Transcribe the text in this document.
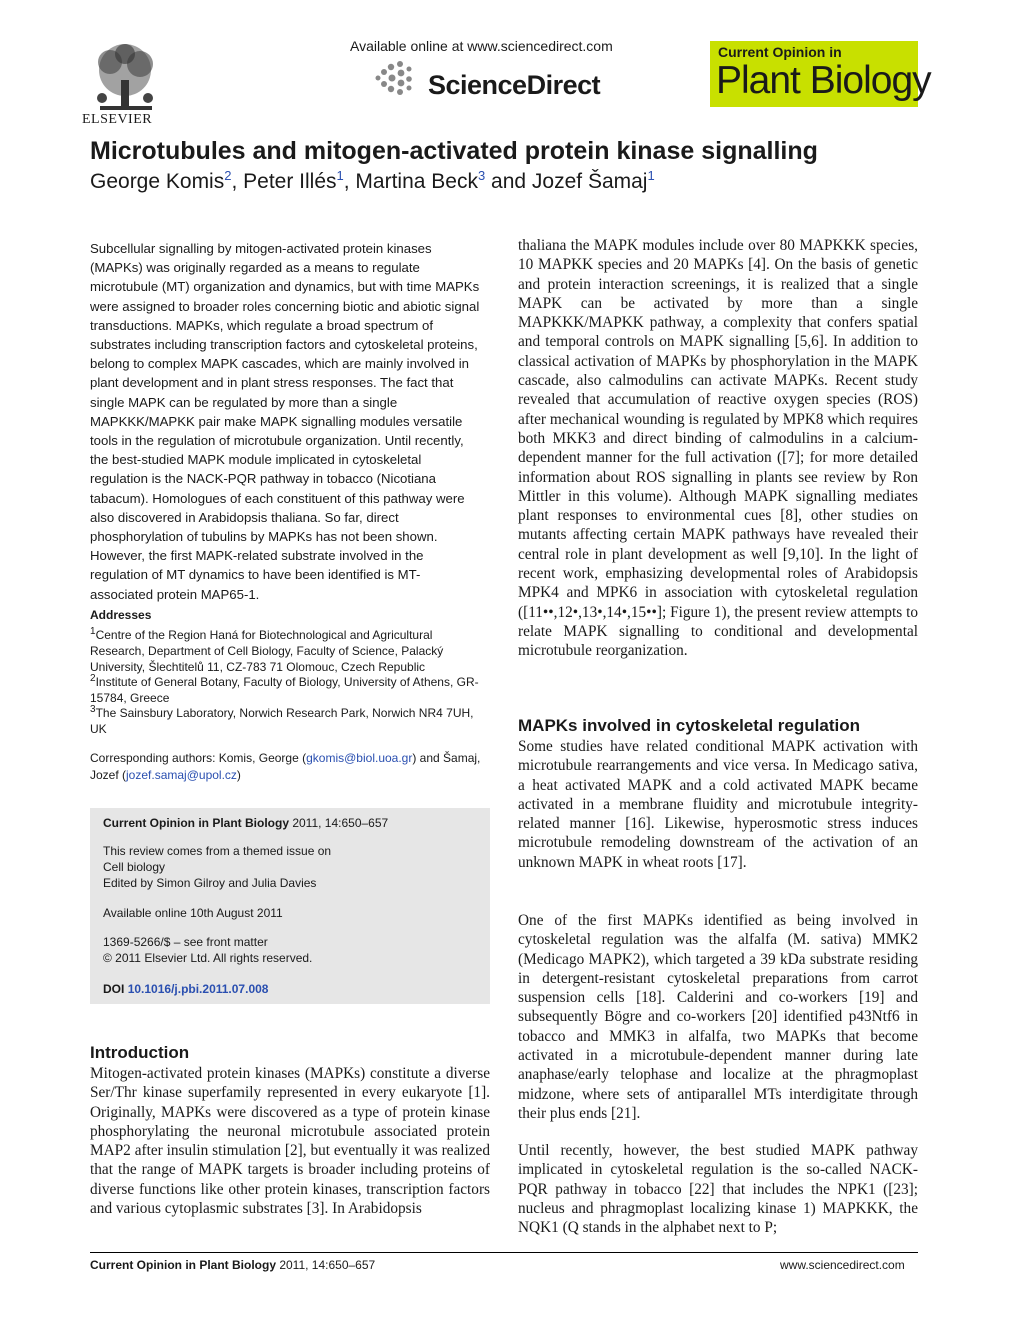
ELSEVIER
Available online at www.sciencedirect.com
ScienceDirect
Current Opinion in
Plant Biology
Microtubules and mitogen-activated protein kinase signalling
George Komis$^2$, Peter Illés$^1$, Martina Beck$^3$ and Jozef Šamaj$^1$
Subcellular signalling by mitogen-activated protein kinases (MAPKs) was originally regarded as a means to regulate microtubule (MT) organization and dynamics, but with time MAPKs were assigned to broader roles concerning biotic and abiotic signal transductions. MAPKs, which regulate a broad spectrum of substrates including transcription factors and cytoskeletal proteins, belong to complex MAPK cascades, which are mainly involved in plant development and in plant stress responses. The fact that single MAPK can be regulated by more than a single MAPKKK/MAPKK pair make MAPK signalling modules versatile tools in the regulation of microtubule organization. Until recently, the best-studied MAPK module implicated in cytoskeletal regulation is the NACK-PQR pathway in tobacco (Nicotiana tabacum). Homologues of each constituent of this pathway were also discovered in Arabidopsis thaliana. So far, direct phosphorylation of tubulins by MAPKs has not been shown. However, the first MAPK-related substrate involved in the regulation of MT dynamics to have been identified is MT-associated protein MAP65-1.
Addresses
$^1$Centre of the Region Haná for Biotechnological and Agricultural Research, Department of Cell Biology, Faculty of Science, Palacký University, Šlechtitelů 11, CZ-783 71 Olomouc, Czech Republic
$^2$Institute of General Botany, Faculty of Biology, University of Athens, GR-15784, Greece
$^3$The Sainsbury Laboratory, Norwich Research Park, Norwich NR4 7UH, UK
Corresponding authors: Komis, George (gkomis@biol.uoa.gr) and Šamaj, Jozef (jozef.samaj@upol.cz)
Current Opinion in Plant Biology 2011, 14:650–657
This review comes from a themed issue on
Cell biology
Edited by Simon Gilroy and Julia Davies
Available online 10th August 2011
1369-5266/$ – see front matter
© 2011 Elsevier Ltd. All rights reserved.
DOI 10.1016/j.pbi.2011.07.008
Introduction
Mitogen-activated protein kinases (MAPKs) constitute a diverse Ser/Thr kinase superfamily represented in every eukaryote [1]. Originally, MAPKs were discovered as a type of protein kinase phosphorylating the neuronal microtubule associated protein MAP2 after insulin stimulation [2], but eventually it was realized that the range of MAPK targets is broader including proteins of diverse functions like other protein kinases, transcription factors and various cytoplasmic substrates [3]. In Arabidopsis
thaliana the MAPK modules include over 80 MAPKKK species, 10 MAPKK species and 20 MAPKs [4]. On the basis of genetic and protein interaction screenings, it is realized that a single MAPK can be activated by more than a single MAPKKK/MAPKK pathway, a complexity that confers spatial and temporal controls on MAPK signalling [5,6]. In addition to classical activation of MAPKs by phosphorylation in the MAPK cascade, also calmodulins can activate MAPKs. Recent study revealed that accumulation of reactive oxygen species (ROS) after mechanical wounding is regulated by MPK8 which requires both MKK3 and direct binding of calmodulins in a calcium-dependent manner for the full activation ([7]; for more detailed information about ROS signalling in plants see review by Ron Mittler in this volume). Although MAPK signalling mediates plant responses to environmental cues [8], other studies on mutants affecting certain MAPK pathways have revealed their central role in plant development as well [9,10]. In the light of recent work, emphasizing developmental roles of Arabidopsis MPK4 and MPK6 in association with cytoskeletal regulation ([11••,12•,13•,14•,15••]; Figure 1), the present review attempts to relate MAPK signalling to conditional and developmental microtubule reorganization.
MAPKs involved in cytoskeletal regulation
Some studies have related conditional MAPK activation with microtubule rearrangements and vice versa. In Medicago sativa, a heat activated MAPK and a cold activated MAPK became activated in a membrane fluidity and microtubule integrity-related manner [16]. Likewise, hyperosmotic stress induces microtubule remodeling downstream of the activation of an unknown MAPK in wheat roots [17].
One of the first MAPKs identified as being involved in cytoskeletal regulation was the alfalfa (M. sativa) MMK2 (Medicago MAPK2), which targeted a 39 kDa substrate residing in detergent-resistant cytoskeletal preparations from carrot suspension cells [18]. Calderini and co-workers [19] and subsequently Bögre and co-workers [20] identified p43Ntf6 in tobacco and MMK3 in alfalfa, two MAPKs that become activated in a microtubule-dependent manner during late anaphase/early telophase and localize at the phragmoplast midzone, where sets of antiparallel MTs interdigitate through their plus ends [21].
Until recently, however, the best studied MAPK pathway implicated in cytoskeletal regulation is the so-called NACK-PQR pathway in tobacco [22] that includes the NPK1 ([23]; nucleus and phragmoplast localizing kinase 1) MAPKKK, the NQK1 (Q stands in the alphabet next to P;
Current Opinion in Plant Biology 2011, 14:650–657	www.sciencedirect.com
